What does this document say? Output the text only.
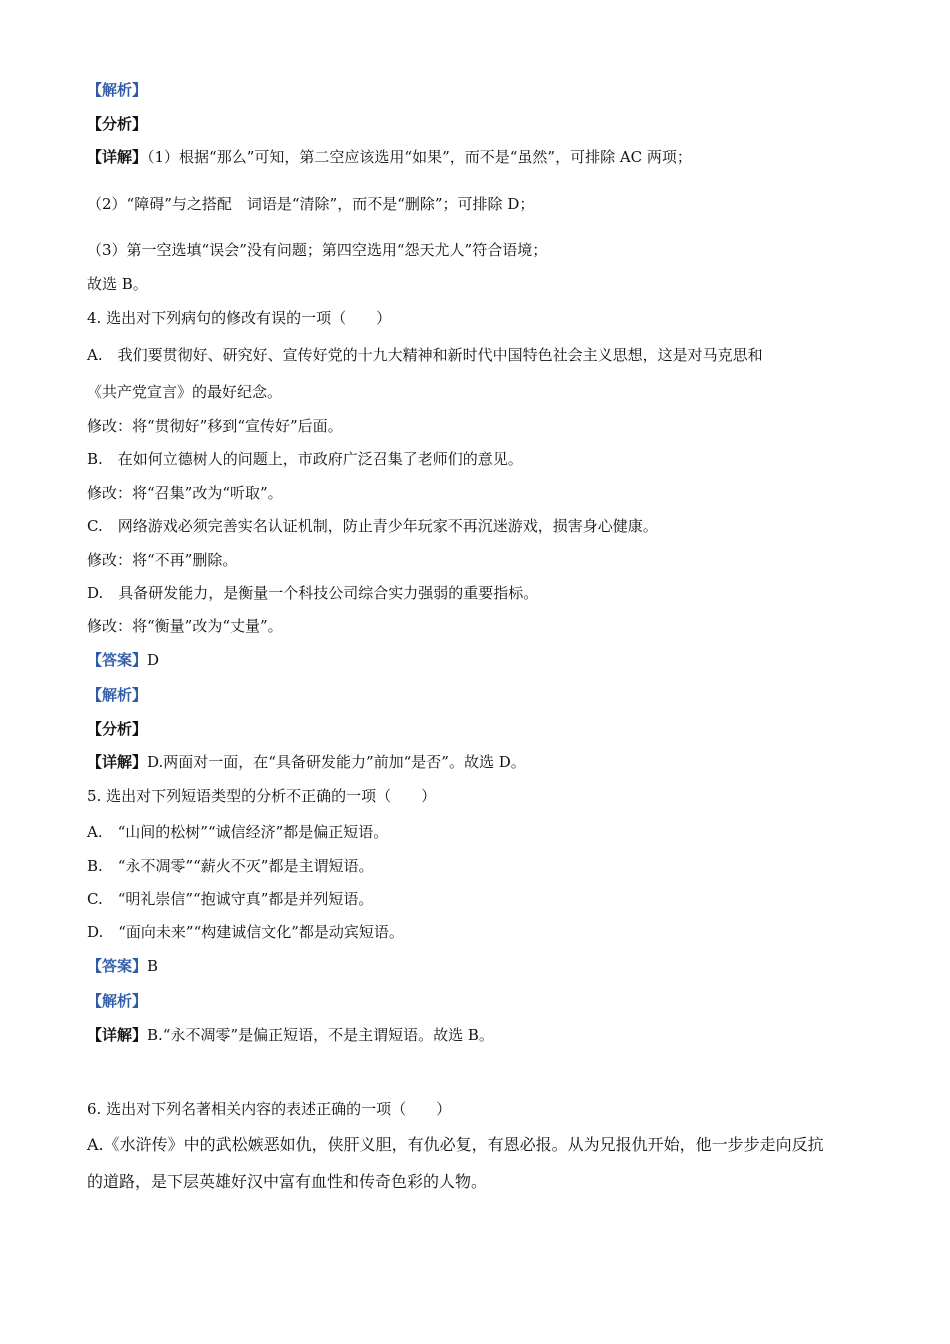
【解析】
【分析】
【详解】（1）根据“那么”可知，第二空应该选用“如果”，而不是“虽然”，可排除 AC 两项；
（2）“障碍”与之搭配　词语是“清除”，而不是“删除”；可排除 D；
（3）第一空选填“误会”没有问题；第四空选用“怨天尤人”符合语境；
故选 B。
4. 选出对下列病句的修改有误的一项（　　）
A.　我们要贯彻好、研究好、宣传好党的十九大精神和新时代中国特色社会主义思想，这是对马克思和
《共产党宣言》的最好纪念。
修改：将“贯彻好”移到“宣传好”后面。
B.　在如何立德树人的问题上，市政府广泛召集了老师们的意见。
修改：将“召集”改为“听取”。
C.　网络游戏必须完善实名认证机制，防止青少年玩家不再沉迷游戏，损害身心健康。
修改：将“不再”删除。
D.　具备研发能力，是衡量一个科技公司综合实力强弱的重要指标。
修改：将“衡量”改为“丈量”。
【答案】D
【解析】
【分析】
【详解】D.两面对一面，在“具备研发能力”前加“是否”。故选 D。
5. 选出对下列短语类型的分析不正确的一项（　　）
A.　“山间的松树”“诚信经济”都是偏正短语。
B.　“永不凋零”“薪火不灭”都是主谓短语。
C.　“明礼崇信”“抱诚守真”都是并列短语。
D.　“面向未来”“构建诚信文化”都是动宾短语。
【答案】B
【解析】
【详解】B.“永不凋零”是偏正短语，不是主谓短语。故选 B。
6. 选出对下列名著相关内容的表述正确的一项（　　）
A.《水浒传》中的武松嫉恶如仇，侠肝义胆，有仇必复，有恩必报。从为兄报仇开始，他一步步走向反抗
的道路，是下层英雄好汉中富有血性和传奇色彩的人物。
